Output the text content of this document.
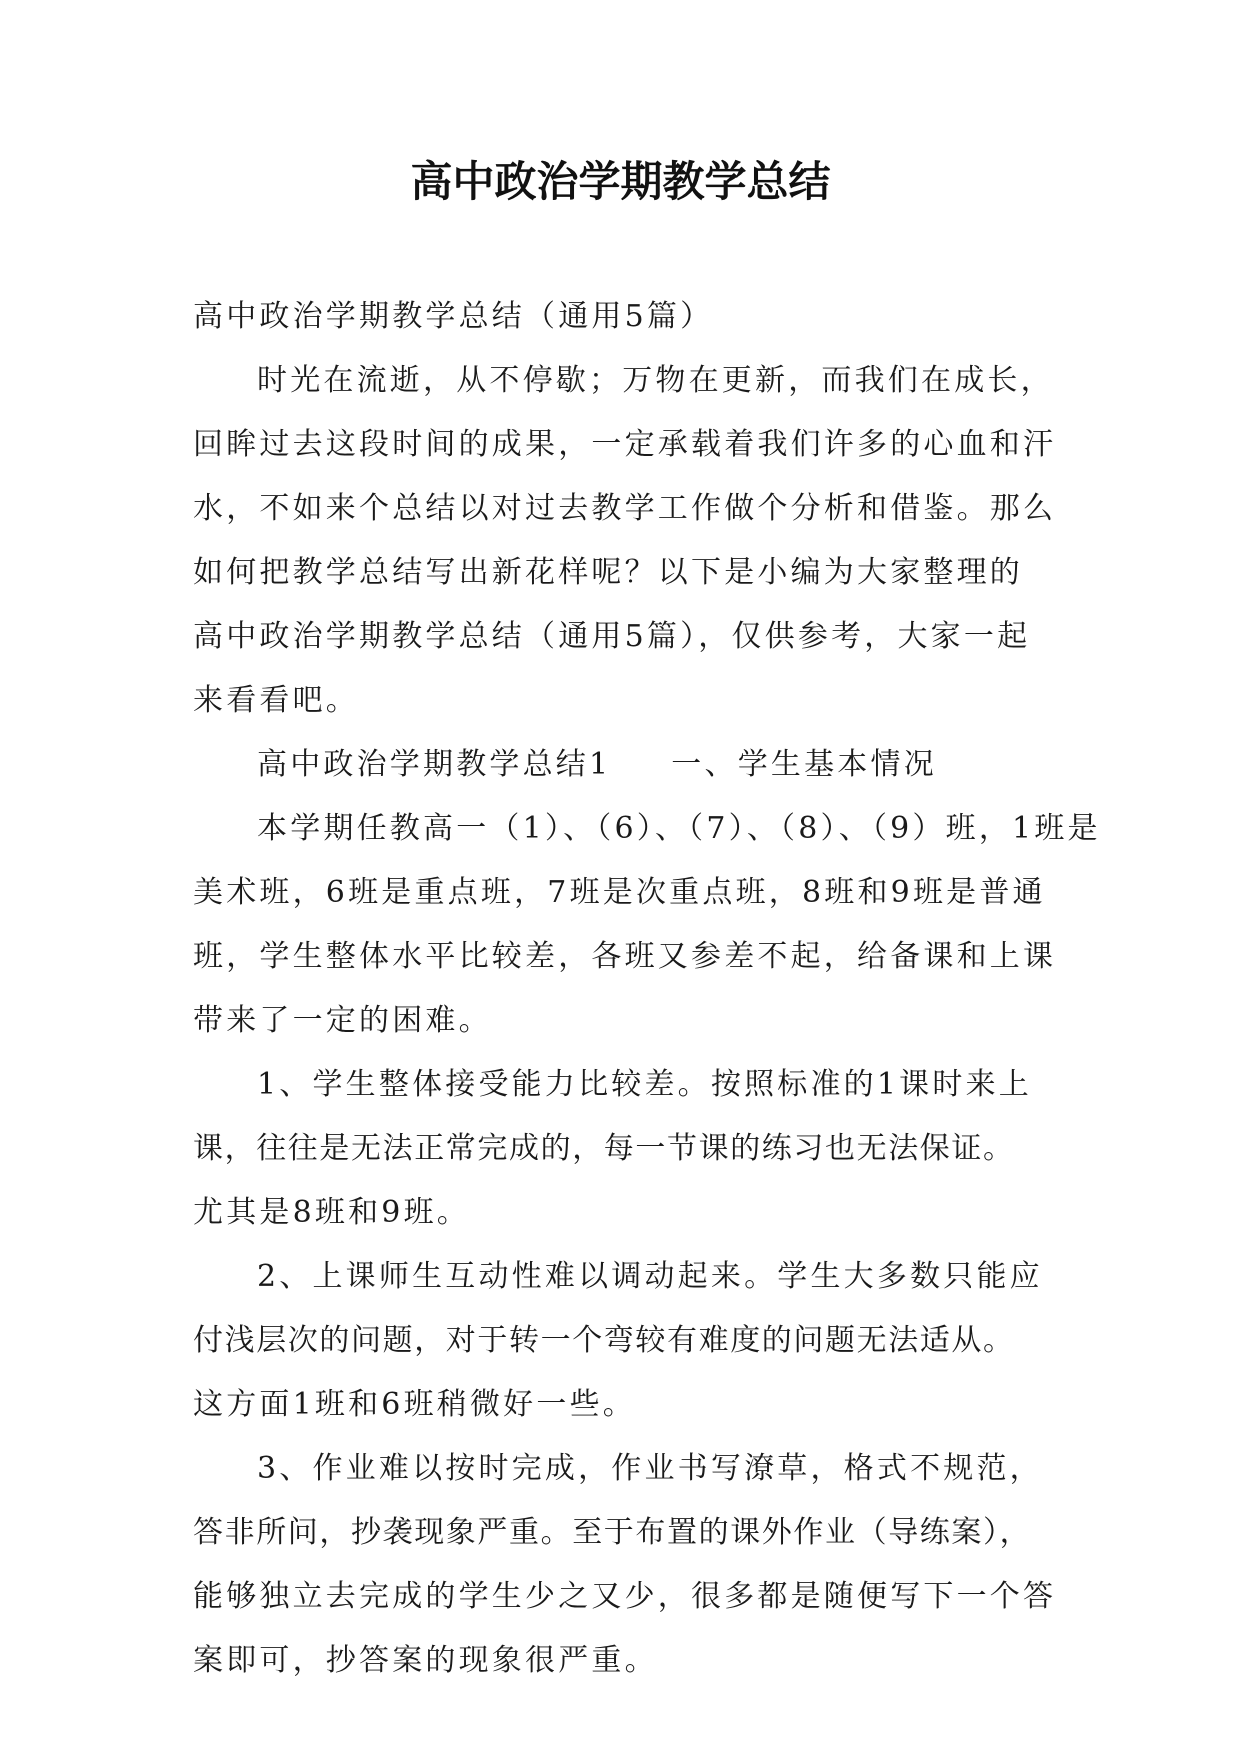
高中政治学期教学总结
高中政治学期教学总结（通用5篇）
时光在流逝，从不停歇；万物在更新，而我们在成长，
回眸过去这段时间的成果，一定承载着我们许多的心血和汗
水，不如来个总结以对过去教学工作做个分析和借鉴。那么
如何把教学总结写出新花样呢？以下是小编为大家整理的
高中政治学期教学总结（通用5篇），仅供参考，大家一起
来看看吧。
高中政治学期教学总结1 一、学生基本情况
本学期任教高一（1）、（6）、（7）、（8）、（9）班，1班是
美术班，6班是重点班，7班是次重点班，8班和9班是普通
班，学生整体水平比较差，各班又参差不起，给备课和上课
带来了一定的困难。
1、学生整体接受能力比较差。按照标准的1课时来上
课，往往是无法正常完成的，每一节课的练习也无法保证。
尤其是8班和9班。
2、上课师生互动性难以调动起来。学生大多数只能应
付浅层次的问题，对于转一个弯较有难度的问题无法适从。
这方面1班和6班稍微好一些。
3、作业难以按时完成，作业书写潦草，格式不规范，
答非所问，抄袭现象严重。至于布置的课外作业（导练案），
能够独立去完成的学生少之又少，很多都是随便写下一个答
案即可，抄答案的现象很严重。
